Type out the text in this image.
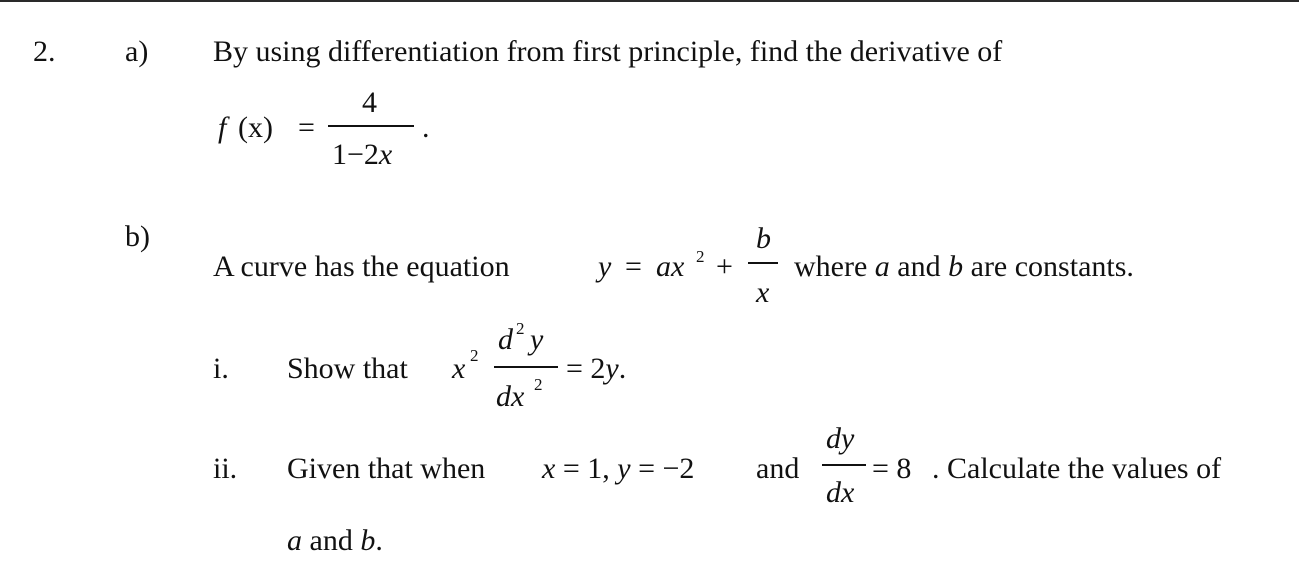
2. a) By using differentiation from first principle, find the derivative of
f (x) =
4
1−2x
.
b)
A curve has the equation	y = ax 2 +
b
x
where a and b are constants.
i. Show that x 2 d 2 y
dx 2 = 2y.
ii. Given that when x = 1, y = −2 and
dy
dx
= 8 . Calculate the values of
a and b.
